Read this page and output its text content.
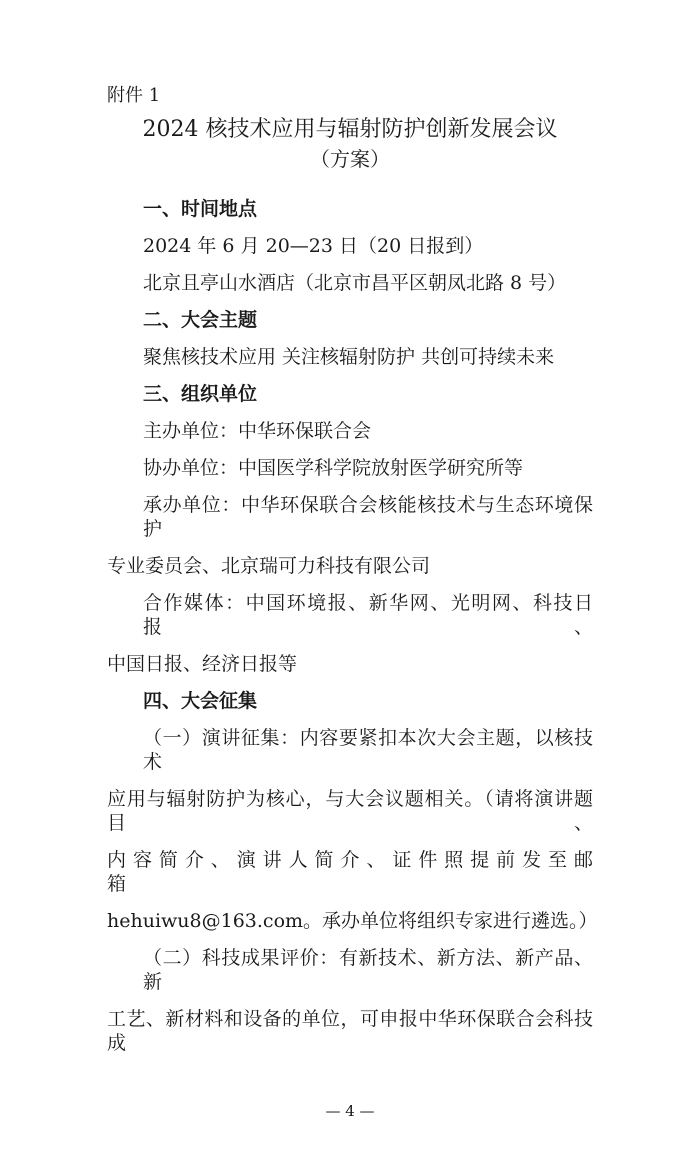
附件 1
2024 核技术应用与辐射防护创新发展会议
（方案）
一、时间地点
2024 年 6 月 20—23 日（20 日报到）
北京且亭山水酒店（北京市昌平区朝凤北路 8 号）
二、大会主题
聚焦核技术应用 关注核辐射防护 共创可持续未来
三、组织单位
主办单位：中华环保联合会
协办单位：中国医学科学院放射医学研究所等
承办单位：中华环保联合会核能核技术与生态环境保护
专业委员会、北京瑞可力科技有限公司
合作媒体：中国环境报、新华网、光明网、科技日报、
中国日报、经济日报等
四、大会征集
（一）演讲征集：内容要紧扣本次大会主题，以核技术
应用与辐射防护为核心，与大会议题相关。（请将演讲题目、
内 容 简 介 、 演 讲 人 简 介 、 证 件 照 提 前 发 至 邮 箱
hehuiwu8@163.com。承办单位将组织专家进行遴选。）
（二）科技成果评价：有新技术、新方法、新产品、新
工艺、新材料和设备的单位，可申报中华环保联合会科技成
— 4 —
